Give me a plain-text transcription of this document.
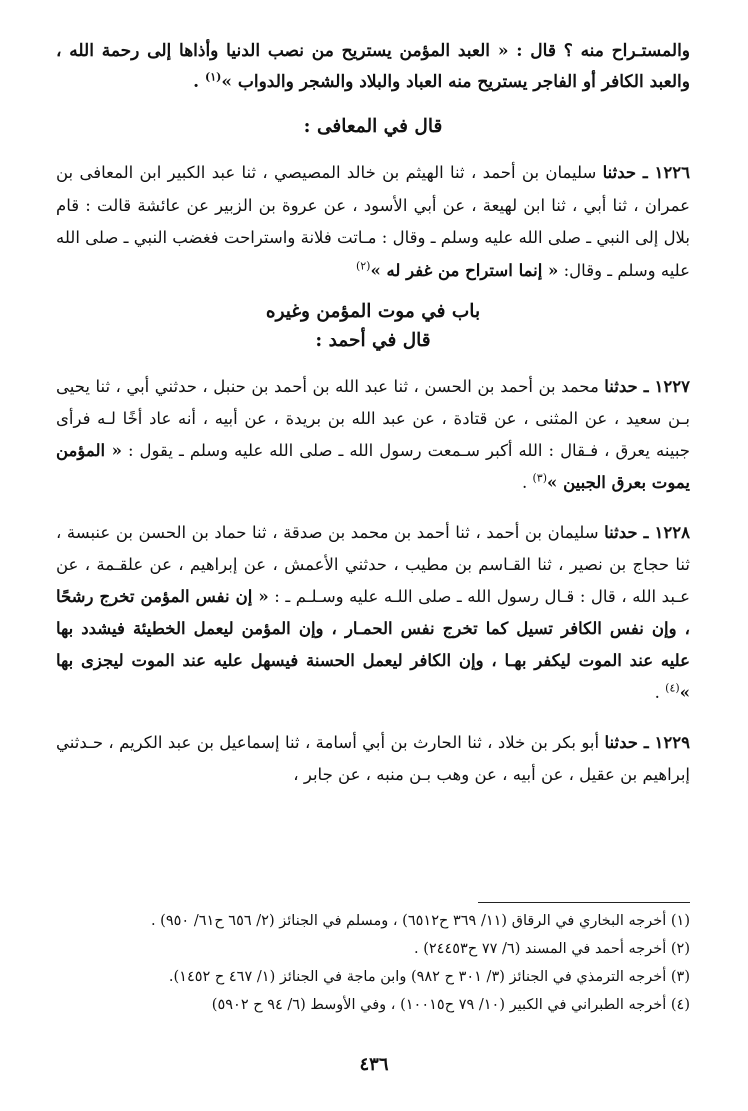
والمستـراح منه ؟ قال : « العبد المؤمن يستريح من نصب الدنيا وأذاها إلى رحمة الله ، والعبد الكافر أو الفاجر يستريح منه العباد والبلاد والشجر والدواب »$^{(١)}$ .

قال في المعافى :

١٢٢٦ ـ حدثنا سليمان بن أحمد ، ثنا الهيثم بن خالد المصيصي ، ثنا عبد الكبير ابن المعافى بن عمران ، ثنا أبي ، ثنا ابن لهيعة ، عن أبي الأسود ، عن عروة بن الزبير عن عائشة قالت : قام بلال إلى النبي ـ صلى الله عليه وسلم ـ وقال : مـاتت فلانة واستراحت فغضب النبي ـ صلى الله عليه وسلم ـ وقال: « إنما استراح من غفر له »$^{(٢)}$

باب في موت المؤمن وغيره

قال في أحمد :

١٢٢٧ ـ حدثنا محمد بن أحمد بن الحسن ، ثنا عبد الله بن أحمد بن حنبل ، حدثني أبي ، ثنا يحيى بـن سعيد ، عن المثنى ، عن قتادة ، عن عبد الله بن بريدة ، عن أبيه ، أنه عاد أخًا لـه فرأى جبينه يعرق ، فـقال : الله أكبر سـمعت رسول الله ـ صلى الله عليه وسلم ـ يقول : « المؤمن يموت بعرق الجبين »$^{(٣)}$ .

١٢٢٨ ـ حدثنا سليمان بن أحمد ، ثنا أحمد بن محمد بن صدقة ، ثنا حماد بن الحسن بن عنبسة ، ثنا حجاج بن نصير ، ثنا القـاسم بن مطيب ، حدثني الأعمش ، عن إبراهيم ، عن علقـمة ، عن عـبد الله ، قال : قـال رسول الله ـ صلى اللـه عليه وسـلـم ـ : « إن نفس المؤمن تخرج رشحًا ، وإن نفس الكافر تسيل كما تخرج نفس الحمـار ، وإن المؤمن ليعمل الخطيئة فيشدد بها عليه عند الموت ليكفر بهـا ، وإن الكافر ليعمل الحسنة فيسهل عليه عند الموت ليجزى بها »$^{(٤)}$ .

١٢٢٩ ـ حدثنا أبو بكر بن خلاد ، ثنا الحارث بن أبي أسامة ، ثنا إسماعيل بن عبد الكريم ، حـدثني إبراهيم بن عقيل ، عن أبيه ، عن وهب بـن منبه ، عن جابر ،

(١) أخرجه البخاري في الرقاق (١١/ ٣٦٩ ح٦٥١٢) ، ومسلم في الجنائز (٢/ ٦٥٦ ح٦١/ ٩٥٠) .

(٢) أخرجه أحمد في المسند (٦/ ٧٧ ح٢٤٤٥٣) .

(٣) أخرجه الترمذي في الجنائز (٣/ ٣٠١ ح ٩٨٢) وابن ماجة في الجنائز (١/ ٤٦٧ ح ١٤٥٢).

(٤) أخرجه الطبراني في الكبير (١٠/ ٧٩ ح١٠٠١٥) ، وفي الأوسط (٦/ ٩٤ ح ٥٩٠٢)

٤٣٦
